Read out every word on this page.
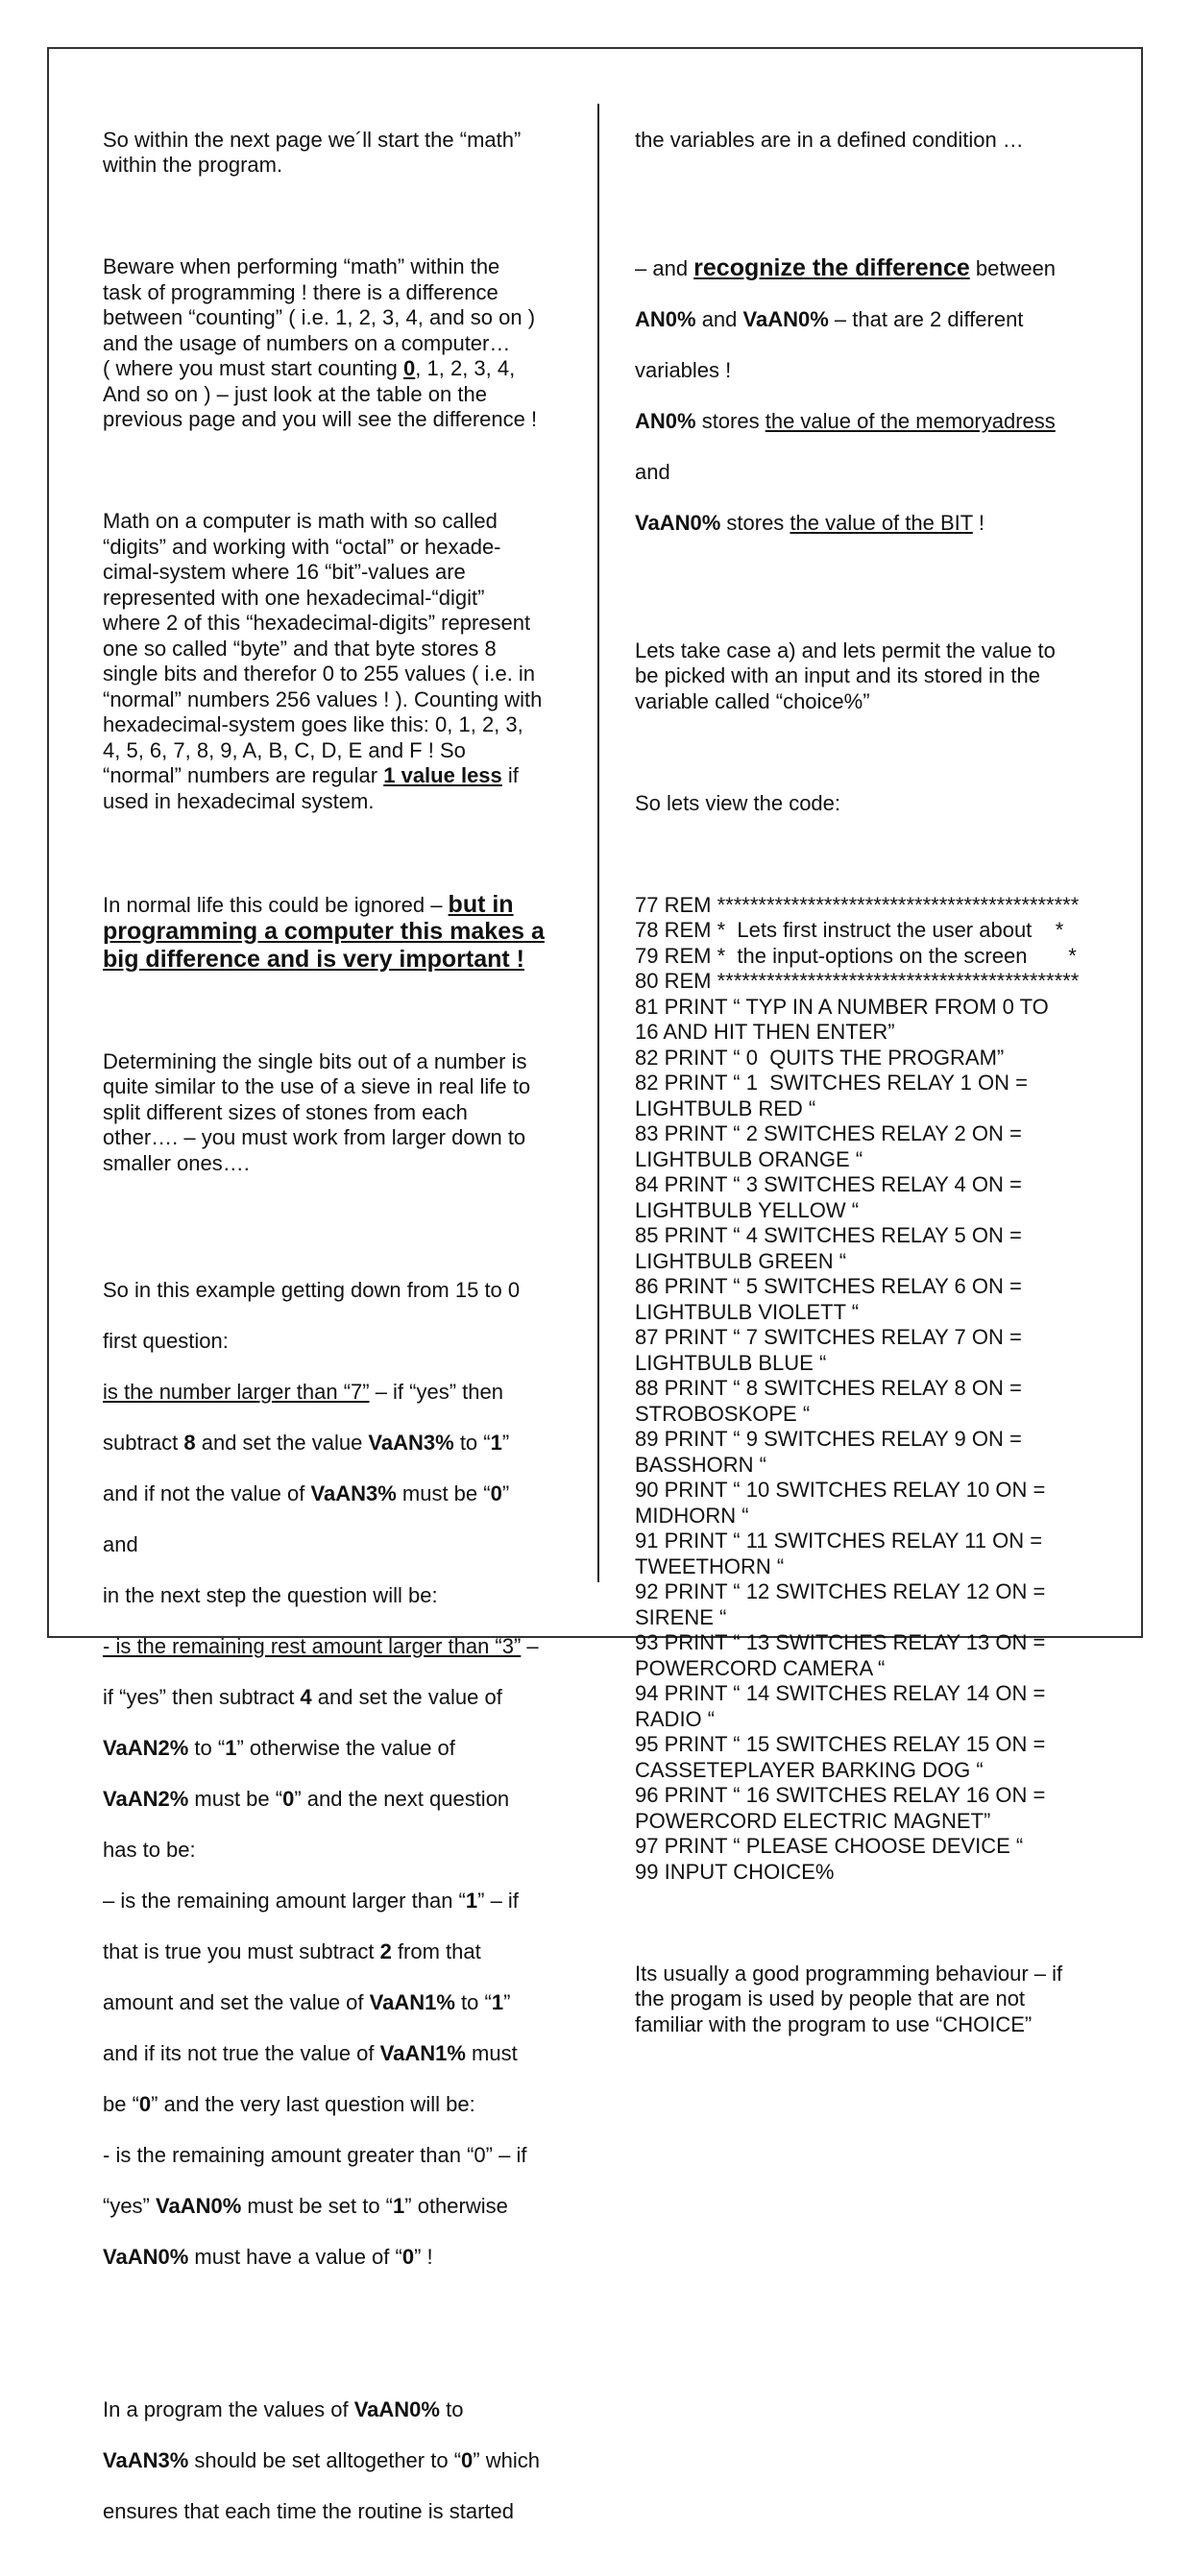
So within the next page we´ll start the “math”
within the program.

Beware when performing “math” within the
task of programming ! there is a difference
between “counting” ( i.e. 1, 2, 3, 4, and so on )
and the usage of numbers on a computer…
( where you must start counting 0, 1, 2, 3, 4,
And so on ) – just look at the table on the
previous page and you will see the difference !

Math on a computer is math with so called
“digits” and working with “octal” or hexade-
cimal-system where 16 “bit”-values are
represented with one hexadecimal-“digit”
where 2 of this “hexadecimal-digits” represent
one so called “byte” and that byte stores 8
single bits and therefor 0 to 255 values ( i.e. in
“normal” numbers 256 values ! ). Counting with
hexadecimal-system goes like this: 0, 1, 2, 3,
4, 5, 6, 7, 8, 9, A, B, C, D, E and F ! So
“normal” numbers are regular 1 value less if
used in hexadecimal system.

In normal life this could be ignored – but in
programming a computer this makes a
big difference and is very important !

Determining the single bits out of a number is
quite similar to the use of a sieve in real life to
split different sizes of stones from each
other…. – you must work from larger down to
smaller ones….

So in this example getting down from 15 to 0

first question:

is the number larger than “7” – if “yes” then

subtract 8 and set the value VaAN3% to “1”

and if not the value of VaAN3% must be “0”

and

in the next step the question will be:

- is the remaining rest amount larger than “3” –

if “yes” then subtract 4 and set the value of

VaAN2% to “1” otherwise the value of

VaAN2% must be “0” and the next question

has to be:

– is the remaining amount larger than “1” – if

that is true you must subtract 2 from that

amount and set the value of VaAN1% to “1”

and if its not true the value of VaAN1% must

be “0” and the very last question will be:

- is the remaining amount greater than “0” – if

“yes” VaAN0% must be set to “1” otherwise

VaAN0% must have a value of “0” !

In a program the values of VaAN0% to

VaAN3% should be set alltogether to “0” which

ensures that each time the routine is started

the variables are in a defined condition …

– and recognize the difference between

AN0% and VaAN0% – that are 2 different

variables !

AN0% stores the value of the memoryadress

and

VaAN0% stores the value of the BIT !

Lets take case a) and lets permit the value to
be picked with an input and its stored in the
variable called “choice%”

So lets view the code:

77 REM ********************************************
78 REM *  Lets first instruct the user about    *
79 REM *  the input-options on the screen       *
80 REM ********************************************
81 PRINT “ TYP IN A NUMBER FROM 0 TO
16 AND HIT THEN ENTER”
82 PRINT “ 0  QUITS THE PROGRAM”
82 PRINT “ 1  SWITCHES RELAY 1 ON =
LIGHTBULB RED “
83 PRINT “ 2 SWITCHES RELAY 2 ON =
LIGHTBULB ORANGE “
84 PRINT “ 3 SWITCHES RELAY 4 ON =
LIGHTBULB YELLOW “
85 PRINT “ 4 SWITCHES RELAY 5 ON =
LIGHTBULB GREEN “
86 PRINT “ 5 SWITCHES RELAY 6 ON =
LIGHTBULB VIOLETT “
87 PRINT “ 7 SWITCHES RELAY 7 ON =
LIGHTBULB BLUE “
88 PRINT “ 8 SWITCHES RELAY 8 ON =
STROBOSKOPE “
89 PRINT “ 9 SWITCHES RELAY 9 ON =
BASSHORN “
90 PRINT “ 10 SWITCHES RELAY 10 ON =
MIDHORN “
91 PRINT “ 11 SWITCHES RELAY 11 ON =
TWEETHORN “
92 PRINT “ 12 SWITCHES RELAY 12 ON =
SIRENE “
93 PRINT “ 13 SWITCHES RELAY 13 ON =
POWERCORD CAMERA “
94 PRINT “ 14 SWITCHES RELAY 14 ON =
RADIO “
95 PRINT “ 15 SWITCHES RELAY 15 ON =
CASSETEPLAYER BARKING DOG “
96 PRINT “ 16 SWITCHES RELAY 16 ON =
POWERCORD ELECTRIC MAGNET”
97 PRINT “ PLEASE CHOOSE DEVICE “
99 INPUT CHOICE%

Its usually a good programming behaviour – if
the progam is used by people that are not
familiar with the program to use “CHOICE”
